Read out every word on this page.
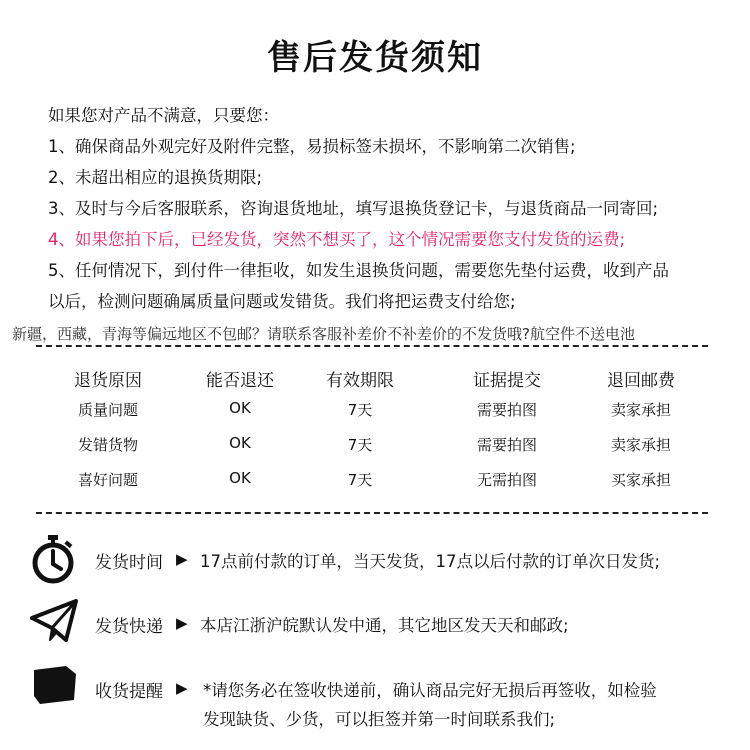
售后发货须知
如果您对产品不满意，只要您：
1、确保商品外观完好及附件完整，易损标签未损坏，不影响第二次销售;
2、未超出相应的退换货期限;
3、及时与今后客服联系，咨询退货地址，填写退换货登记卡，与退货商品一同寄回;
4、如果您拍下后，已经发货，突然不想买了，这个情况需要您支付发货的运费;
5、任何情况下，到付件一律拒收，如发生退换货问题，需要您先垫付运费，收到产品
以后，检测问题确属质量问题或发错货。我们将把运费支付给您;
新疆，西藏，青海等偏远地区不包邮？请联系客服补差价不补差价的不发货哦?航空件不送电池
退货原因	能否退还	有效期限	证据提交	退回邮费
质量问题	OK	7天	需要拍图	卖家承担
发错货物	OK	7天	需要拍图	卖家承担
喜好问题	OK	7天	无需拍图	买家承担
发货时间 ▶ 17点前付款的订单，当天发货，17点以后付款的订单次日发货;
发货快递 ▶ 本店江浙沪皖默认发中通，其它地区发天天和邮政;
收货提醒 ▶ *请您务必在签收快递前，确认商品完好无损后再签收，如检验
发现缺货、少货，可以拒签并第一时间联系我们;
